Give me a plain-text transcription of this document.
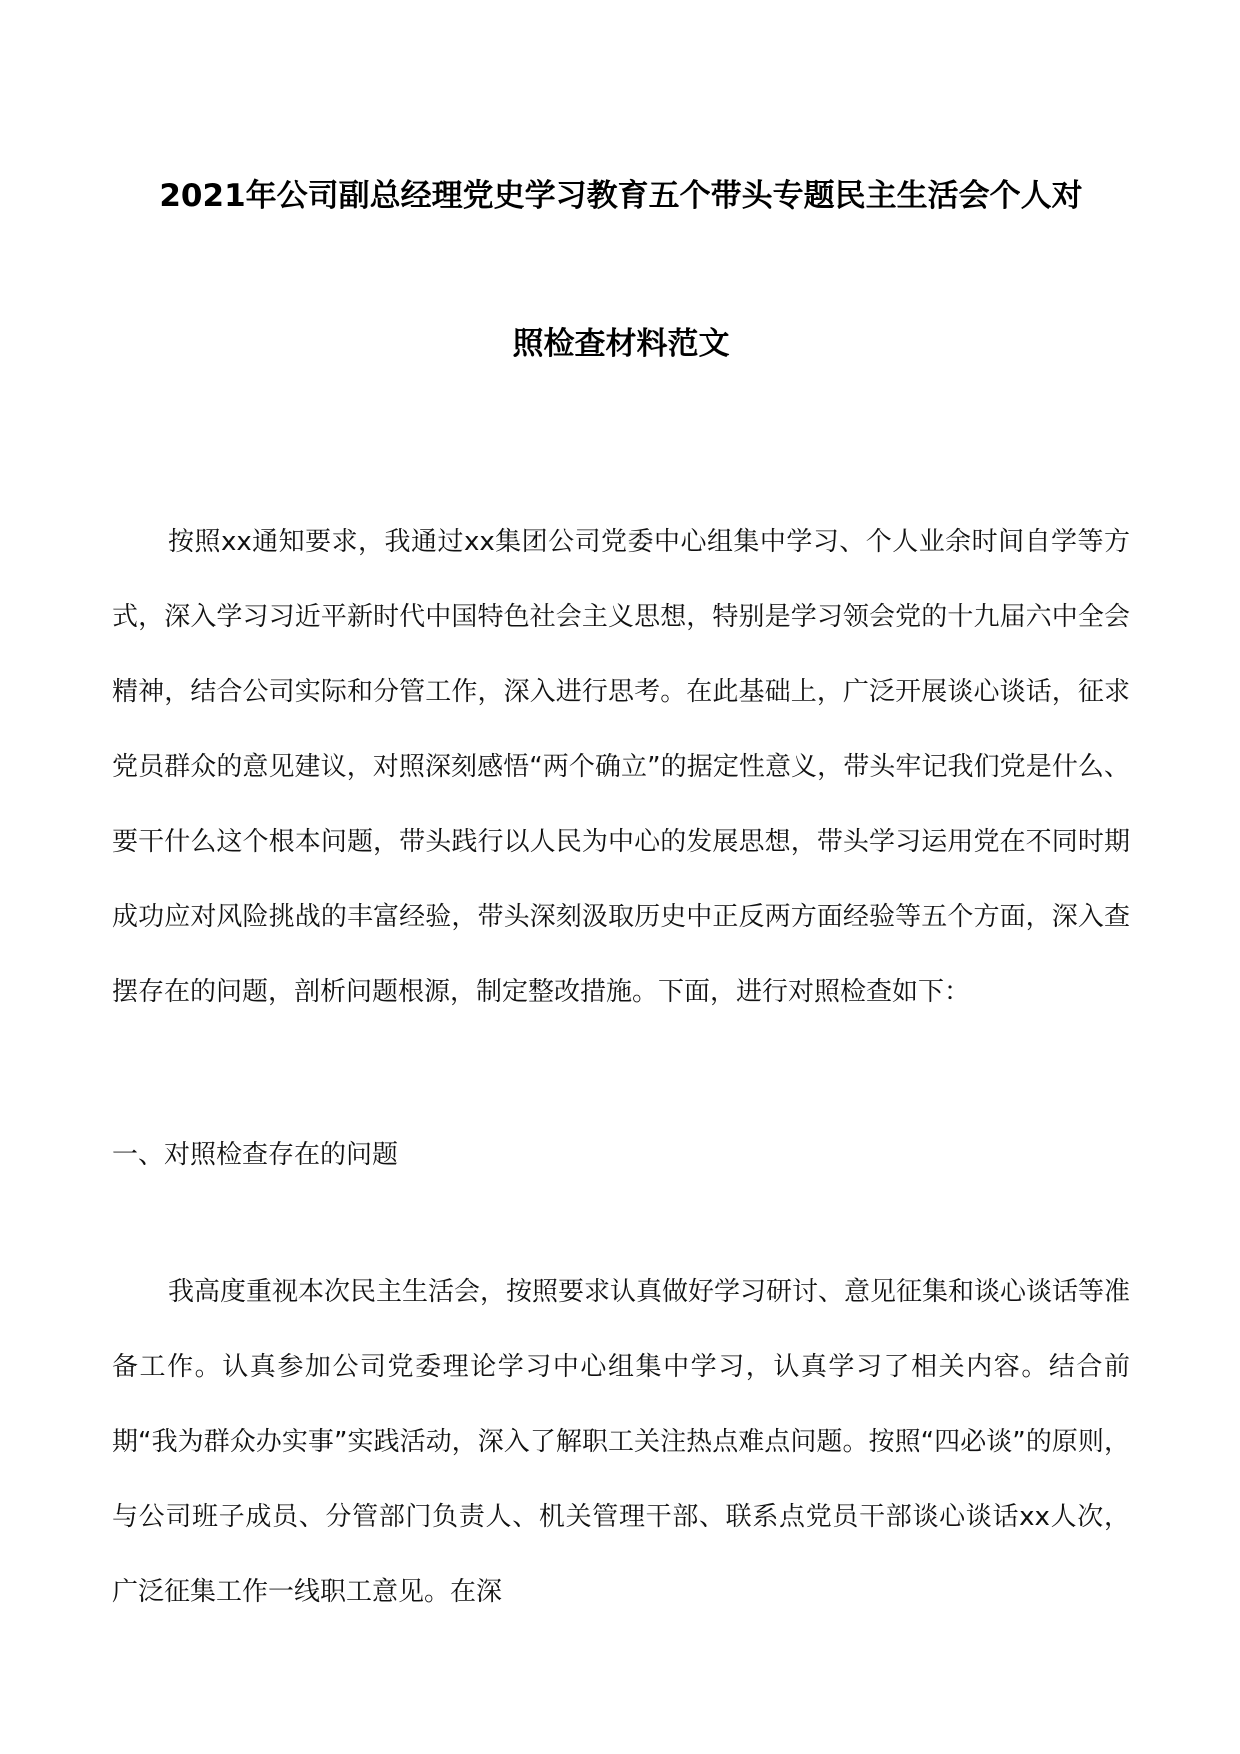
2021年公司副总经理党史学习教育五个带头专题民主生活会个人对
照检查材料范文

按照xx通知要求，我通过xx集团公司党委中心组集中学习、个人业余时间自学等方式，深入学习习近平新时代中国特色社会主义思想，特别是学习领会党的十九届六中全会精神，结合公司实际和分管工作，深入进行思考。在此基础上，广泛开展谈心谈话，征求党员群众的意见建议，对照深刻感悟“两个确立”的据定性意义，带头牢记我们党是什么、要干什么这个根本问题，带头践行以人民为中心的发展思想，带头学习运用党在不同时期成功应对风险挑战的丰富经验，带头深刻汲取历史中正反两方面经验等五个方面，深入查摆存在的问题，剖析问题根源，制定整改措施。下面，进行对照检查如下：

一、对照检查存在的问题

我高度重视本次民主生活会，按照要求认真做好学习研讨、意见征集和谈心谈话等准备工作。认真参加公司党委理论学习中心组集中学习，认真学习了相关内容。结合前期“我为群众办实事”实践活动，深入了解职工关注热点难点问题。按照“四必谈”的原则，与公司班子成员、分管部门负责人、机关管理干部、联系点党员干部谈心谈话xx人次，广泛征集工作一线职工意见。在深
